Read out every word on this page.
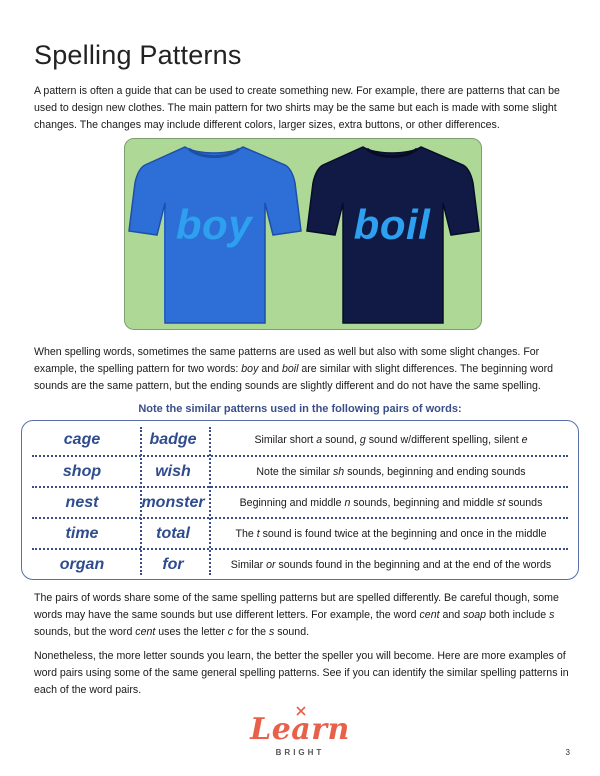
Spelling Patterns

A pattern is often a guide that can be used to create something new. For example, there are patterns that can be used to design new clothes. The main pattern for two shirts may be the same but each is made with some slight changes. The changes may include different colors, larger sizes, extra buttons, or other differences.

boy	boil

When spelling words, sometimes the same patterns are used as well but also with some slight changes. For example, the spelling pattern for two words: boy and boil are similar with slight differences. The beginning word sounds are the same pattern, but the ending sounds are slightly different and do not have the same spelling.

Note the similar patterns used in the following pairs of words:
cage	badge	Similar short a sound, g sound w/different spelling, silent e
shop	wish	Note the similar sh sounds, beginning and ending sounds
nest	monster	Beginning and middle n sounds, beginning and middle st sounds
time	total	The t sound is found twice at the beginning and once in the middle
organ	for	Similar or sounds found in the beginning and at the end of the words

The pairs of words share some of the same spelling patterns but are spelled differently. Be careful though, some words may have the same sounds but use different letters. For example, the word cent and soap both include s sounds, but the word cent uses the letter c for the s sound.

Nonetheless, the more letter sounds you learn, the better the speller you will become. Here are more examples of word pairs using some of the same general spelling patterns. See if you can identify the similar spelling patterns in each of the word pairs.

Learn
BRIGHT	3
